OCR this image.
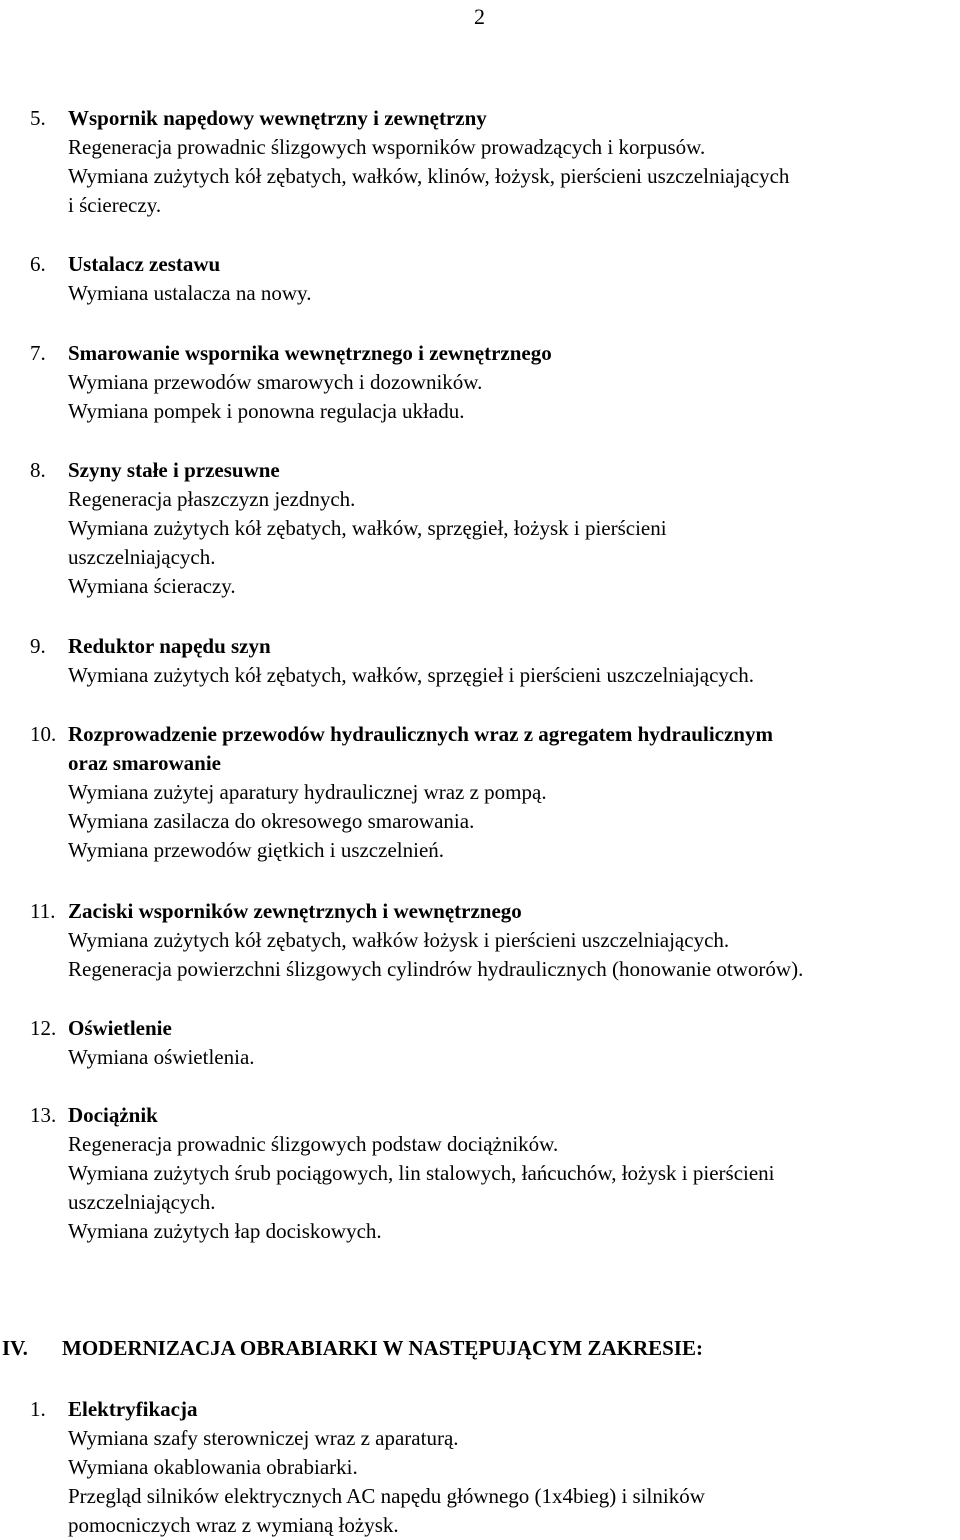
2
5. Wspornik napędowy wewnętrzny i zewnętrzny
Regeneracja prowadnic ślizgowych wsporników prowadzących i korpusów.
Wymiana zużytych kół zębatych, wałków, klinów, łożysk, pierścieni uszczelniających
i ściereczy.
6. Ustalacz zestawu
Wymiana ustalacza na nowy.
7. Smarowanie wspornika wewnętrznego i zewnętrznego
Wymiana przewodów smarowych i dozowników.
Wymiana pompek i ponowna regulacja układu.
8. Szyny stałe i przesuwne
Regeneracja płaszczyzn jezdnych.
Wymiana zużytych kół zębatych, wałków, sprzęgieł, łożysk i pierścieni
uszczelniających.
Wymiana ścieraczy.
9. Reduktor napędu szyn
Wymiana zużytych kół zębatych, wałków, sprzęgieł i pierścieni uszczelniających.
10. Rozprowadzenie przewodów hydraulicznych wraz z agregatem hydraulicznym
oraz smarowanie
Wymiana zużytej aparatury hydraulicznej wraz z pompą.
Wymiana zasilacza do okresowego smarowania.
Wymiana przewodów giętkich i uszczelnień.
11. Zaciski wsporników zewnętrznych i wewnętrznego
Wymiana zużytych kół zębatych, wałków łożysk i pierścieni uszczelniających.
Regeneracja powierzchni ślizgowych cylindrów hydraulicznych (honowanie otworów).
12. Oświetlenie
Wymiana oświetlenia.
13. Dociążnik
Regeneracja prowadnic ślizgowych podstaw dociążników.
Wymiana zużytych śrub pociągowych, lin stalowych, łańcuchów, łożysk i pierścieni
uszczelniających.
Wymiana zużytych łap dociskowych.
IV. MODERNIZACJA OBRABIARKI W NASTĘPUJĄCYM ZAKRESIE:
1. Elektryfikacja
Wymiana szafy sterowniczej wraz z aparaturą.
Wymiana okablowania obrabiarki.
Przegląd silników elektrycznych AC napędu głównego (1x4bieg) i silników
pomocniczych wraz z wymianą łożysk.
